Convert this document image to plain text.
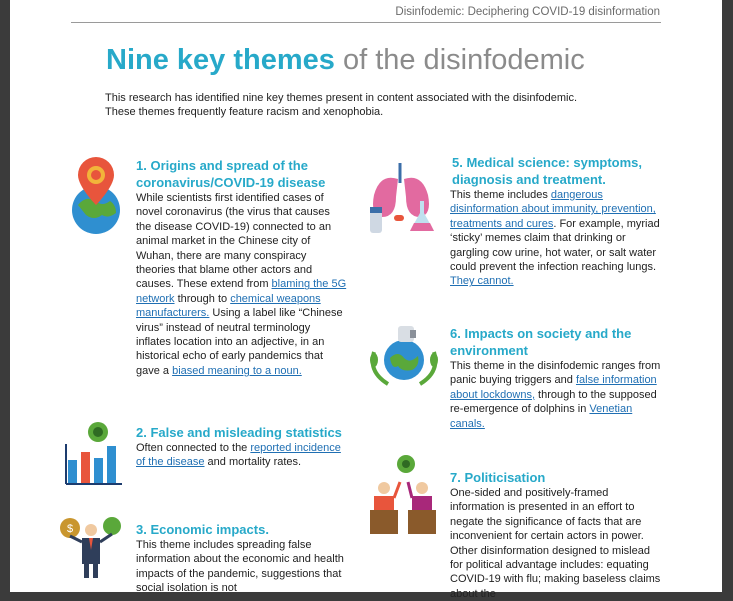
Disinfodemic: Deciphering COVID-19 disinformation
Nine key themes of the disinfodemic
This research has identified nine key themes present in content associated with the disinfodemic. These themes frequently feature racism and xenophobia.
1. Origins and spread of the coronavirus/COVID-19 disease

While scientists first identified cases of novel coronavirus (the virus that causes the disease COVID-19) connected to an animal market in the Chinese city of Wuhan, there are many conspiracy theories that blame other actors and causes. These extend from blaming the 5G network through to chemical weapons manufacturers. Using a label like “Chinese virus” instead of neutral terminology inflates location into an adjective, in an historical echo of early pandemics that gave a biased meaning to a noun.

2. False and misleading statistics

Often connected to the reported incidence of the disease and mortality rates.

$	3. Economic impacts.

This theme includes spreading false information about the economic and health impacts of the pandemic, suggestions that social isolation is not

5. Medical science: symptoms, diagnosis and treatment.

This theme includes dangerous disinformation about immunity, prevention, treatments and cures. For example, myriad ‘sticky’ memes claim that drinking or gargling cow urine, hot water, or salt water could prevent the infection reaching lungs. They cannot.

6. Impacts on society and the environment

This theme in the disinfodemic ranges from panic buying triggers and false information about lockdowns, through to the supposed re-emergence of dolphins in Venetian canals.

7. Politicisation

One-sided and positively-framed information is presented in an effort to negate the significance of facts that are inconvenient for certain actors in power. Other disinformation designed to mislead for political advantage includes: equating COVID-19 with flu; making baseless claims about the
